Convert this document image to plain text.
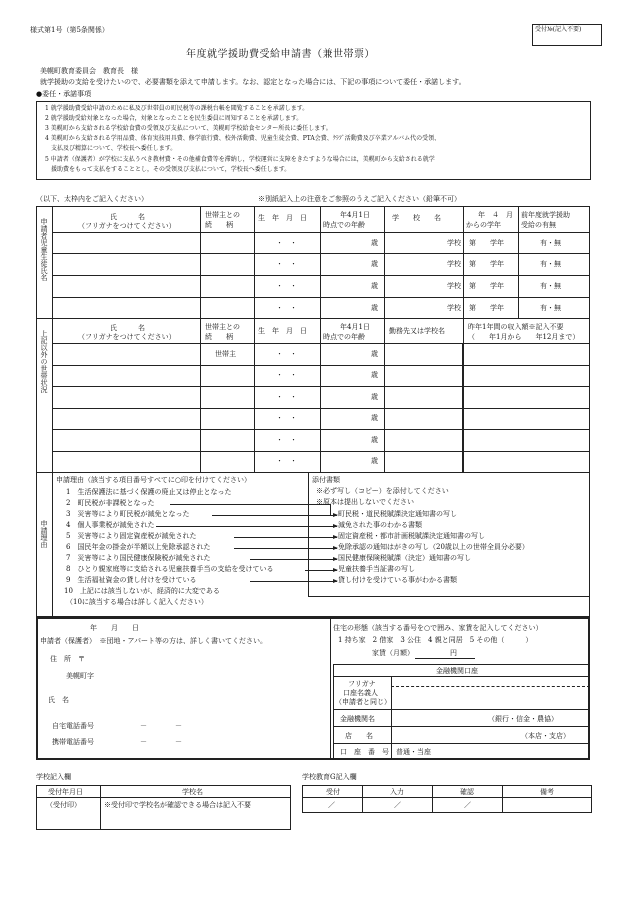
様式第1号（第5条関係）	受付№(記入不要)
年度就学援助費受給申請書（兼世帯票）
美幌町教育委員会　教育長　様
就学援助の支給を受けたいので、必要書類を添えて申請します。なお、認定となった場合には、下記の事項について委任・承諾します。
●委任・承諾事項
1 就学援助費受給申請のために私及び世帯員の町民税等の課税台帳を閲覧することを承諾します。
2 就学援助受給対象となった場合，対象となったことを民生委員に周知することを承諾します。
3 美幌町から支給される学校給食費の受領及び支払について、美幌町学校給食センター所長に委任します。
4 美幌町から支給される学用品費、体育実技用具費、修学旅行費、校外活動費、児童生徒会費、PTA会費、ｸﾗﾌﾞ活動費及び卒業アルバム代の受領、
　支払及び精算について、学校長へ委任します。
5 申請者（保護者）が学校に支払うべき教材費・その他補食費等を滞納し，学校運営に支障をきたすような場合には，美幌町から支給される就学
　援助費をもって支払をすることとし，その受領及び支払について，学校長へ委任します。
（以下、太枠内をご記入ください）	※別紙記入上の注意をご参照のうえご記入ください（鉛筆不可）
申請者児童生徒氏名
氏　　　名
（フリガナをつけてください）
世帯主との
続　　柄
生　年　月　日	年4月1日
時点での年齢
学　　校　　名	年　４　月
からの学年
前年度就学援助
受給の有無
・　・	歳	学校 第　　学年	有・無
・　・	歳	学校 第　　学年	有・無
・　・	歳	学校 第　　学年	有・無
・　・	歳	学校 第　　学年	有・無
上記以外の世帯状況
氏　　　名
（フリガナをつけてください）
世帯主との
続　　柄
生　年　月　日	年4月1日
時点での年齢
勤務先又は学校名	昨年1年間の収入額※記入不要
（　　年1月から　　年12月まで）
世帯主	・　・	歳
・　・	歳
・　・	歳
・　・	歳
・　・	歳
・　・	歳
申請理由
申請理由（該当する項目番号すべてに○印を付けてください）	添付書類
※必ず写し（コピー）を添付してください
※原本は提出しないでください
1　生活保護法に基づく保護の廃止又は停止となった
2　町民税が非課税となった
3　災害等により町民税が減免となった
4　個人事業税が減免された
5　災害等により固定資産税が減免された
6　国民年金の掛金が半額以上免除承認された
7　災害等により国民健康保険税が減免された
8　ひとり親家庭等に支給される児童扶養手当の支給を受けている
9　生活福祉資金の貸し付けを受けている
10　上記には該当しないが、経済的に大変である
（10に該当する場合は詳しく記入ください）
町民税・道民税賦課決定通知書の写し
減免された事のわかる書類
固定資産税・都市計画税賦課決定通知書の写し
免除承認の通知はがきの写し（20歳以上の世帯全員分必要）
国民健康保険税賦課（決定）通知書の写し
児童扶養手当証書の写し
貸し付けを受けている事がわかる書類
年　　月　　日
申請者（保護者）　 ※団地・アパート等の方は、詳しく書いてください。
住　所　〒
美幌町字
氏　名
自宅電話番号	－　　　　－
携帯電話番号	－　　　　－
住宅の形態（該当する番号を○で囲み、家賃を記入してください）
1 持ち家　2 借家　3 公住　4 親と同居　5 その他（　　　）
家賃（月額）	円
金融機関口座
フリガナ
口座名義人
（申請者と同じ）
金融機関名	（銀行・信金・農協）
店　　名	（本店・支店）
口　座　番　号 普通・当座
学校記入欄
受付年月日	学校名
（受付印）	※受付印で学校名が確認できる場合は記入不要
学校教育G記入欄
受付	入力	確認	備考
／	／	／
